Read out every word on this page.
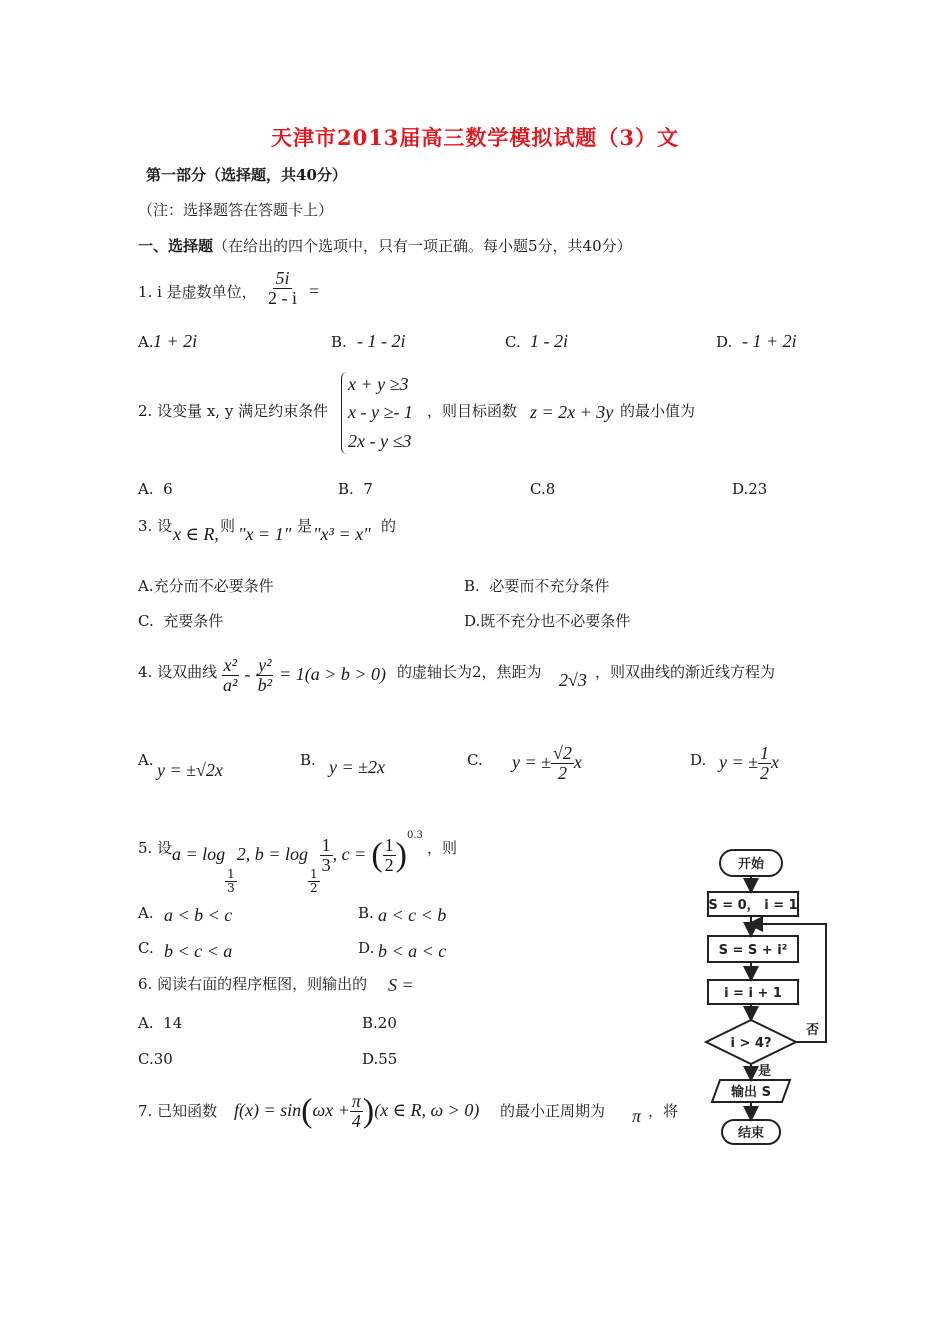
天津市2013届高三数学模拟试题（3）文
第一部分（选择题，共40分）
（注：选择题答在答题卡上）
一、选择题（在给出的四个选项中，只有一项正确。每小题5分，共40分）
1. i 是虚数单位， $\frac{5i}{2 - i}$ =
A. 1 + 2i	B. - 1 - 2i	C. 1 - 2i	D. - 1 + 2i
2. 设变量 x, y 满足约束条件
x + y ≥3
x - y ≥- 1
2x - y ≤3
，则目标函数 z = 2x + 3y 的最小值为
A. 6	B. 7	C.8	D.23
3. 设 x ∈ R, 则 "x = 1" 是 "x³ = x" 的
A.充分而不必要条件	B. 必要而不充分条件
C. 充要条件	D.既不充分也不必要条件
4. 设双曲线 $\frac{\text{x²}}{\text{a²}} - \frac{\text{y²}}{\text{b²}} = 1(a > b > 0)$ 的虚轴长为2，焦距为 2√3 ，则双曲线的渐近线方程为
A. y = ±√2x	B. y = ±2x	C. y = ± $\frac{√2}{2}$ x	D. y = ± $\frac{1}{2}$ x
5. 设 a = log
$\frac{1}{3}$
2, b = log
$\frac{1}{2}$
$\frac{1}{3}$ , c = ( $\frac{1}{2} )^{0.3}$
，则
A. a < b < c	B. a < c < b
C. b < c < a	D. b < a < c
6. 阅读右面的程序框图，则输出的 S =
A. 14	B.20
C.30	D.55
7. 已知函数 $f(x) = \sin(\omega x + \frac{\pi}{4} )(x$ ∈ R, ω > 0) 的最小正周期为 π ，将
开始
S = 0， i = 1
S = S + i²
i = i + 1
i > 4?
否
是
输出 S
结束
